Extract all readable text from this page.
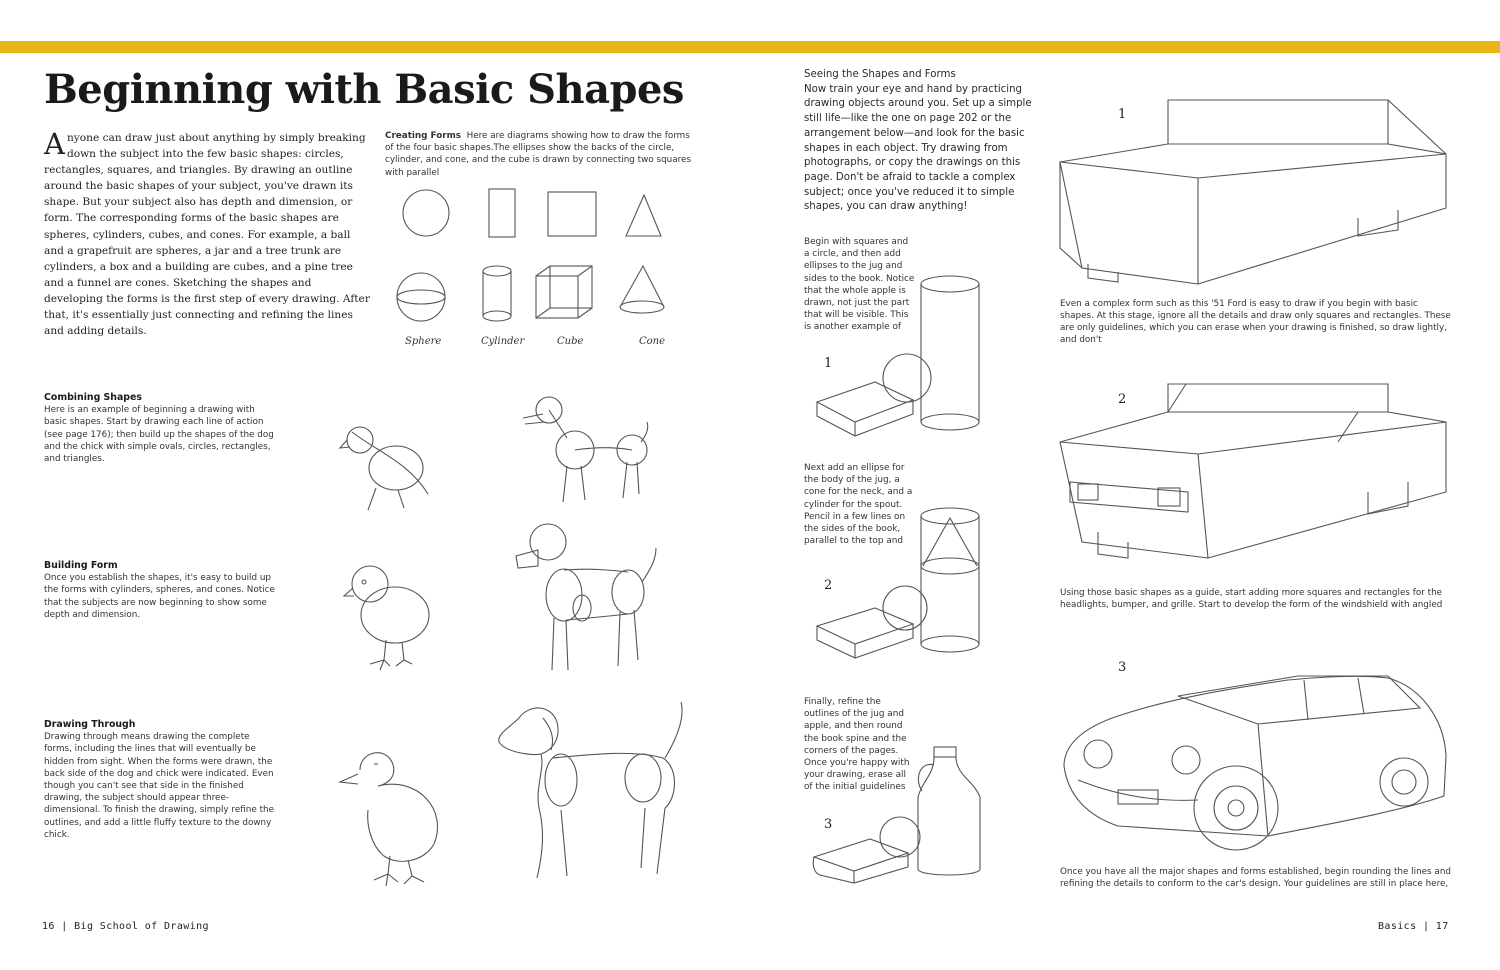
Beginning with Basic Shapes
Anyone can draw just about anything by simply breaking down the subject into the few basic shapes: circles, rectangles, squares, and triangles. By drawing an outline around the basic shapes of your subject, you've drawn its shape. But your subject also has depth and dimension, or form. The corresponding forms of the basic shapes are spheres, cylinders, cubes, and cones. For example, a ball and a grapefruit are spheres, a jar and a tree trunk are cylinders, a box and a building are cubes, and a pine tree and a funnel are cones. Sketching the shapes and developing the forms is the first step of every drawing. After that, it's essentially just connecting and refining the lines and adding details.
Creating Forms Here are diagrams showing how to draw the forms of the four basic shapes.The ellipses show the backs of the circle, cylinder, and cone, and the cube is drawn by connecting two squares with parallel
Sphere	Cylinder	Cube	Cone
Combining Shapes
Here is an example of beginning a drawing with basic shapes. Start by drawing each line of action (see page 176); then build up the shapes of the dog and the chick with simple ovals, circles, rectangles, and triangles.
Building Form
Once you establish the shapes, it's easy to build up the forms with cylinders, spheres, and cones. Notice that the subjects are now beginning to show some depth and dimension.
Drawing Through
Drawing through means drawing the complete forms, including the lines that will eventually be hidden from sight. When the forms were drawn, the back side of the dog and chick were indicated. Even though you can't see that side in the finished drawing, the subject should appear three-dimensional. To finish the drawing, simply refine the outlines, and add a little fluffy texture to the downy chick.
Seeing the Shapes and Forms
Now train your eye and hand by practicing drawing objects around you. Set up a simple still life—like the one on page 202 or the arrangement below—and look for the basic shapes in each object. Try drawing from photographs, or copy the drawings on this page. Don't be afraid to tackle a complex subject; once you've reduced it to simple shapes, you can draw anything!
Begin with squares and a circle, and then add ellipses to the jug and sides to the book. Notice that the whole apple is drawn, not just the part that will be visible. This is another example of
1
Next add an ellipse for the body of the jug, a cone for the neck, and a cylinder for the spout. Pencil in a few lines on the sides of the book, parallel to the top and
2
Finally, refine the outlines of the jug and apple, and then round the book spine and the corners of the pages. Once you're happy with your drawing, erase all of the initial guidelines
3
1
Even a complex form such as this '51 Ford is easy to draw if you begin with basic shapes. At this stage, ignore all the details and draw only squares and rectangles. These are only guidelines, which you can erase when your drawing is finished, so draw lightly, and don't
2
Using those basic shapes as a guide, start adding more squares and rectangles for the headlights, bumper, and grille. Start to develop the form of the windshield with angled
3
Once you have all the major shapes and forms established, begin rounding the lines and refining the details to conform to the car's design. Your guidelines are still in place here,
16 | Big School of Drawing	Basics | 17
